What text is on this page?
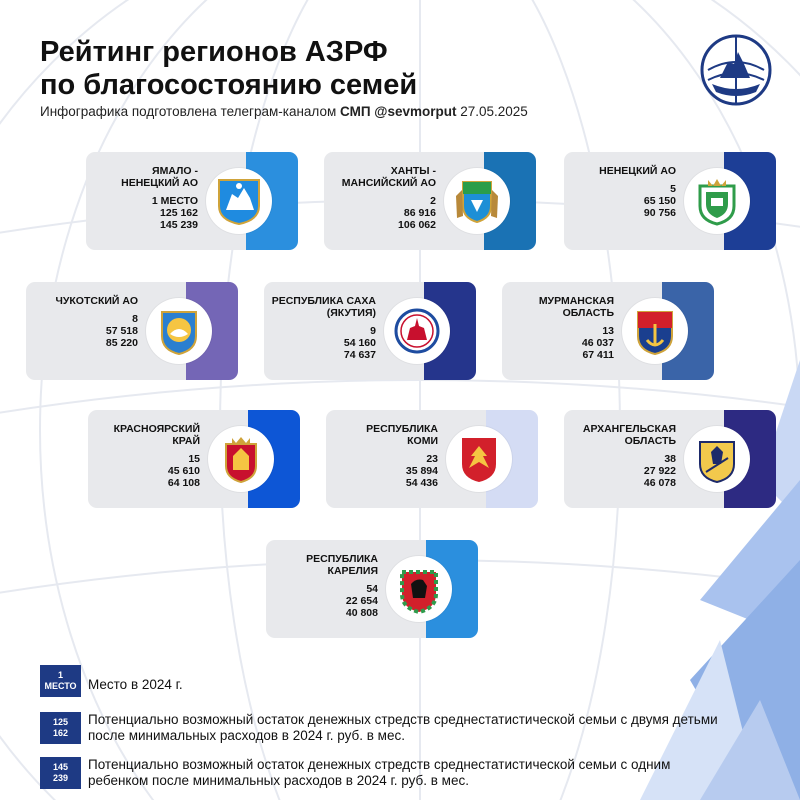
Рейтинг регионов АЗРФ
по благосостоянию семей
Инфографика подготовлена телеграм-каналом СМП @sevmorput 27.05.2025
ЯМАЛО -
НЕНЕЦКИЙ АО
1 МЕСТО
125 162
145 239
ХАНТЫ -
МАНСИЙСКИЙ АО
2
86 916
106 062
НЕНЕЦКИЙ АО
5
65 150
90 756
ЧУКОТСКИЙ АО
8
57 518
85 220
РЕСПУБЛИКА САХА
(ЯКУТИЯ)
9
54 160
74 637
МУРМАНСКАЯ
ОБЛАСТЬ
13
46 037
67 411
КРАСНОЯРСКИЙ
КРАЙ
15
45 610
64 108
РЕСПУБЛИКА
КОМИ
23
35 894
54 436
АРХАНГЕЛЬСКАЯ
ОБЛАСТЬ
38
27 922
46 078
РЕСПУБЛИКА
КАРЕЛИЯ
54
22 654
40 808
1
МЕСТО Место в 2024 г.
125
162
Потенциально возможный остаток денежных стредств среднестатистической семьи с двумя детьми после минимальных расходов в 2024 г. руб. в мес.
145
239
Потенциально возможный остаток денежных стредств среднестатистической семьи с одним ребенком после минимальных расходов в 2024 г. руб. в мес.
